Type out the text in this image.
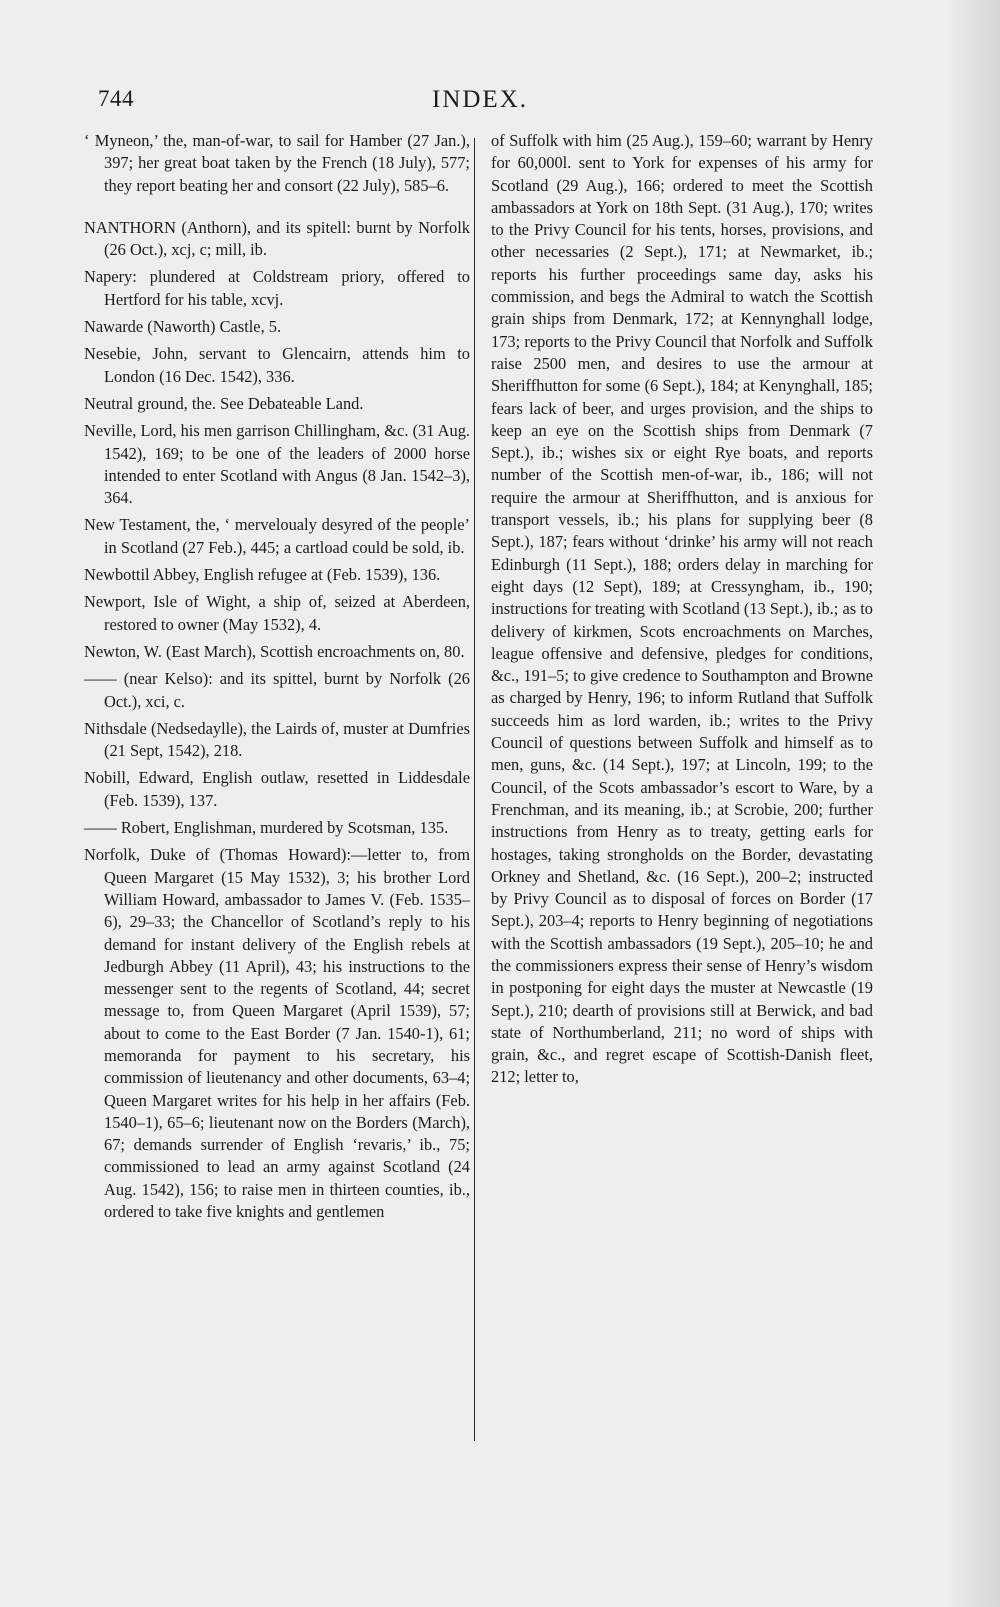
744	INDEX.

‘ Myneon,’ the, man-of-war, to sail for Hamber (27 Jan.), 397; her great boat taken by the French (18 July), 577; they report beating her and consort (22 July), 585–6.

NANTHORN (Anthorn), and its spitell: burnt by Norfolk (26 Oct.), xcj, c; mill, ib.

Napery: plundered at Coldstream priory, offered to Hertford for his table, xcvj.

Nawarde (Naworth) Castle, 5.

Nesebie, John, servant to Glencairn, attends him to London (16 Dec. 1542), 336.

Neutral ground, the. See Debateable Land.

Neville, Lord, his men garrison Chillingham, &c. (31 Aug. 1542), 169; to be one of the leaders of 2000 horse intended to enter Scotland with Angus (8 Jan. 1542–3), 364.

New Testament, the, ‘ merveloualy desyred of the people’ in Scotland (27 Feb.), 445; a cartload could be sold, ib.

Newbottil Abbey, English refugee at (Feb. 1539), 136.

Newport, Isle of Wight, a ship of, seized at Aberdeen, restored to owner (May 1532), 4.

Newton, W. (East March), Scottish encroachments on, 80.

—— (near Kelso): and its spittel, burnt by Norfolk (26 Oct.), xci, c.

Nithsdale (Nedsedaylle), the Lairds of, muster at Dumfries (21 Sept, 1542), 218.

Nobill, Edward, English outlaw, resetted in Liddesdale (Feb. 1539), 137.

—— Robert, Englishman, murdered by Scotsman, 135.

Norfolk, Duke of (Thomas Howard):—letter to, from Queen Margaret (15 May 1532), 3; his brother Lord William Howard, ambassador to James V. (Feb. 1535–6), 29–33; the Chancellor of Scotland’s reply to his demand for instant delivery of the English rebels at Jedburgh Abbey (11 April), 43; his instructions to the messenger sent to the regents of Scotland, 44; secret message to, from Queen Margaret (April 1539), 57; about to come to the East Border (7 Jan. 1540-1), 61; memoranda for payment to his secretary, his commission of lieutenancy and other documents, 63–4; Queen Margaret writes for his help in her affairs (Feb. 1540–1), 65–6; lieutenant now on the Borders (March), 67; demands surrender of English ‘revaris,’ ib., 75; commissioned to lead an army against Scotland (24 Aug. 1542), 156; to raise men in thirteen counties, ib., ordered to take five knights and gentlemen

of Suffolk with him (25 Aug.), 159–60; warrant by Henry for 60,000l. sent to York for expenses of his army for Scotland (29 Aug.), 166; ordered to meet the Scottish ambassadors at York on 18th Sept. (31 Aug.), 170; writes to the Privy Council for his tents, horses, provisions, and other necessaries (2 Sept.), 171; at Newmarket, ib.; reports his further proceedings same day, asks his commission, and begs the Admiral to watch the Scottish grain ships from Denmark, 172; at Kennynghall lodge, 173; reports to the Privy Council that Norfolk and Suffolk raise 2500 men, and desires to use the armour at Sheriffhutton for some (6 Sept.), 184; at Kenynghall, 185; fears lack of beer, and urges provision, and the ships to keep an eye on the Scottish ships from Denmark (7 Sept.), ib.; wishes six or eight Rye boats, and reports number of the Scottish men-of-war, ib., 186; will not require the armour at Sheriffhutton, and is anxious for transport vessels, ib.; his plans for supplying beer (8 Sept.), 187; fears without ‘drinke’ his army will not reach Edinburgh (11 Sept.), 188; orders delay in marching for eight days (12 Sept), 189; at Cressyngham, ib., 190; instructions for treating with Scotland (13 Sept.), ib.; as to delivery of kirkmen, Scots encroachments on Marches, league offensive and defensive, pledges for conditions, &c., 191–5; to give credence to Southampton and Browne as charged by Henry, 196; to inform Rutland that Suffolk succeeds him as lord warden, ib.; writes to the Privy Council of questions between Suffolk and himself as to men, guns, &c. (14 Sept.), 197; at Lincoln, 199; to the Council, of the Scots ambassador’s escort to Ware, by a Frenchman, and its meaning, ib.; at Scrobie, 200; further instructions from Henry as to treaty, getting earls for hostages, taking strongholds on the Border, devastating Orkney and Shetland, &c. (16 Sept.), 200–2; instructed by Privy Council as to disposal of forces on Border (17 Sept.), 203–4; reports to Henry beginning of negotiations with the Scottish ambassadors (19 Sept.), 205–10; he and the commissioners express their sense of Henry’s wisdom in postponing for eight days the muster at Newcastle (19 Sept.), 210; dearth of provisions still at Berwick, and bad state of Northumberland, 211; no word of ships with grain, &c., and regret escape of Scottish-Danish fleet, 212; letter to,
